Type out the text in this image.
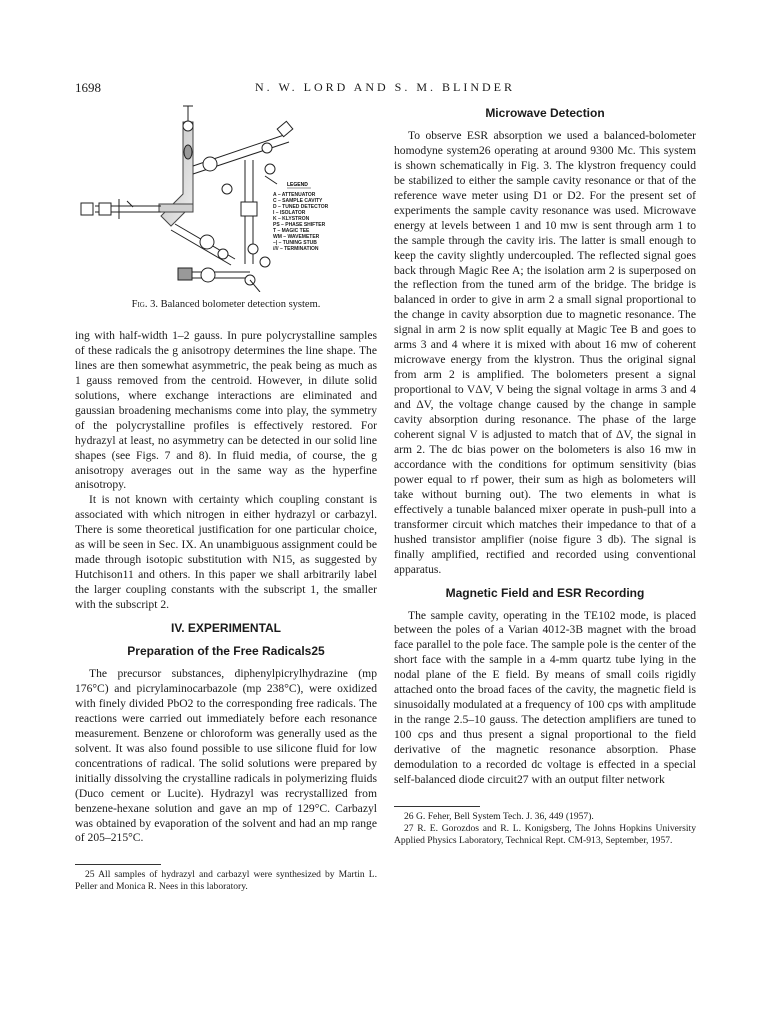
1698	N. W. LORD AND S. M. BLINDER
LEGEND
A – ATTENUATOR
C – SAMPLE CAVITY
D – TUNED DETECTOR
I – ISOLATOR
K – KLYSTRON
PS – PHASE SHIFTER
T – MAGIC TEE
WM – WAVEMETER
–| – TUNING STUB
//// – TERMINATION
Fig. 3. Balanced bolometer detection system.

ing with half-width 1–2 gauss. In pure polycrystalline samples of these radicals the g anisotropy determines the line shape. The lines are then somewhat asymmetric, the peak being as much as 1 gauss removed from the centroid. However, in dilute solid solutions, where exchange interactions are eliminated and gaussian broadening mechanisms come into play, the symmetry of the polycrystalline profiles is effectively restored. For hydrazyl at least, no asymmetry can be detected in our solid line shapes (see Figs. 7 and 8). In fluid media, of course, the g anisotropy averages out in the same way as the hyperfine anisotropy.

It is not known with certainty which coupling constant is associated with which nitrogen in either hydrazyl or carbazyl. There is some theoretical justification for one particular choice, as will be seen in Sec. IX. An unambiguous assignment could be made through isotopic substitution with N15, as suggested by Hutchison11 and others. In this paper we shall arbitrarily label the larger coupling constants with the subscript 1, the smaller with the subscript 2.

IV. EXPERIMENTAL
Preparation of the Free Radicals25

The precursor substances, diphenylpicrylhydrazine (mp 176°C) and picrylaminocarbazole (mp 238°C), were oxidized with finely divided PbO2 to the corresponding free radicals. The reactions were carried out immediately before each resonance measurement. Benzene or chloroform was generally used as the solvent. It was also found possible to use silicone fluid for low concentrations of radical. The solid solutions were prepared by initially dissolving the crystalline radicals in polymerizing fluids (Duco cement or Lucite). Hydrazyl was recrystallized from benzene-hexane solution and gave an mp of 129°C. Carbazyl was obtained by evaporation of the solvent and had an mp range of 205–215°C.

25 All samples of hydrazyl and carbazyl were synthesized by Martin L. Peller and Monica R. Nees in this laboratory.
Microwave Detection

To observe ESR absorption we used a balanced-bolometer homodyne system26 operating at around 9300 Mc. This system is shown schematically in Fig. 3. The klystron frequency could be stabilized to either the sample cavity resonance or that of the reference wave meter using D1 or D2. For the present set of experiments the sample cavity resonance was used. Microwave energy at levels between 1 and 10 mw is sent through arm 1 to the sample through the cavity iris. The latter is small enough to keep the cavity slightly undercoupled. The reflected signal goes back through Magic Ree A; the isolation arm 2 is superposed on the reflection from the tuned arm of the bridge. The bridge is balanced in order to give in arm 2 a small signal proportional to the change in cavity absorption due to magnetic resonance. The signal in arm 2 is now split equally at Magic Tee B and goes to arms 3 and 4 where it is mixed with about 16 mw of coherent microwave energy from the klystron. Thus the original signal from arm 2 is amplified. The bolometers present a signal proportional to VΔV, V being the signal voltage in arms 3 and 4 and ΔV, the voltage change caused by the change in sample cavity absorption during resonance. The phase of the large coherent signal V is adjusted to match that of ΔV, the signal in arm 2. The dc bias power on the bolometers is also 16 mw in accordance with the conditions for optimum sensitivity (bias power equal to rf power, their sum as high as bolometers will take without burning out). The two elements in what is effectively a tunable balanced mixer operate in push-pull into a transformer circuit which matches their impedance to that of a hushed transistor amplifier (noise figure 3 db). The signal is finally amplified, rectified and recorded using conventional apparatus.

Magnetic Field and ESR Recording

The sample cavity, operating in the TE102 mode, is placed between the poles of a Varian 4012-3B magnet with the broad face parallel to the pole face. The sample pole is the center of the short face with the sample in a 4-mm quartz tube lying in the nodal plane of the E field. By means of small coils rigidly attached onto the broad faces of the cavity, the magnetic field is sinusoidally modulated at a frequency of 100 cps with amplitude in the range 2.5–10 gauss. The detection amplifiers are tuned to 100 cps and thus present a signal proportional to the field derivative of the magnetic resonance absorption. Phase demodulation to a recorded dc voltage is effected in a special self-balanced diode circuit27 with an output filter network

26 G. Feher, Bell System Tech. J. 36, 449 (1957).
27 R. E. Gorozdos and R. L. Konigsberg, The Johns Hopkins University Applied Physics Laboratory, Technical Rept. CM-913, September, 1957.
